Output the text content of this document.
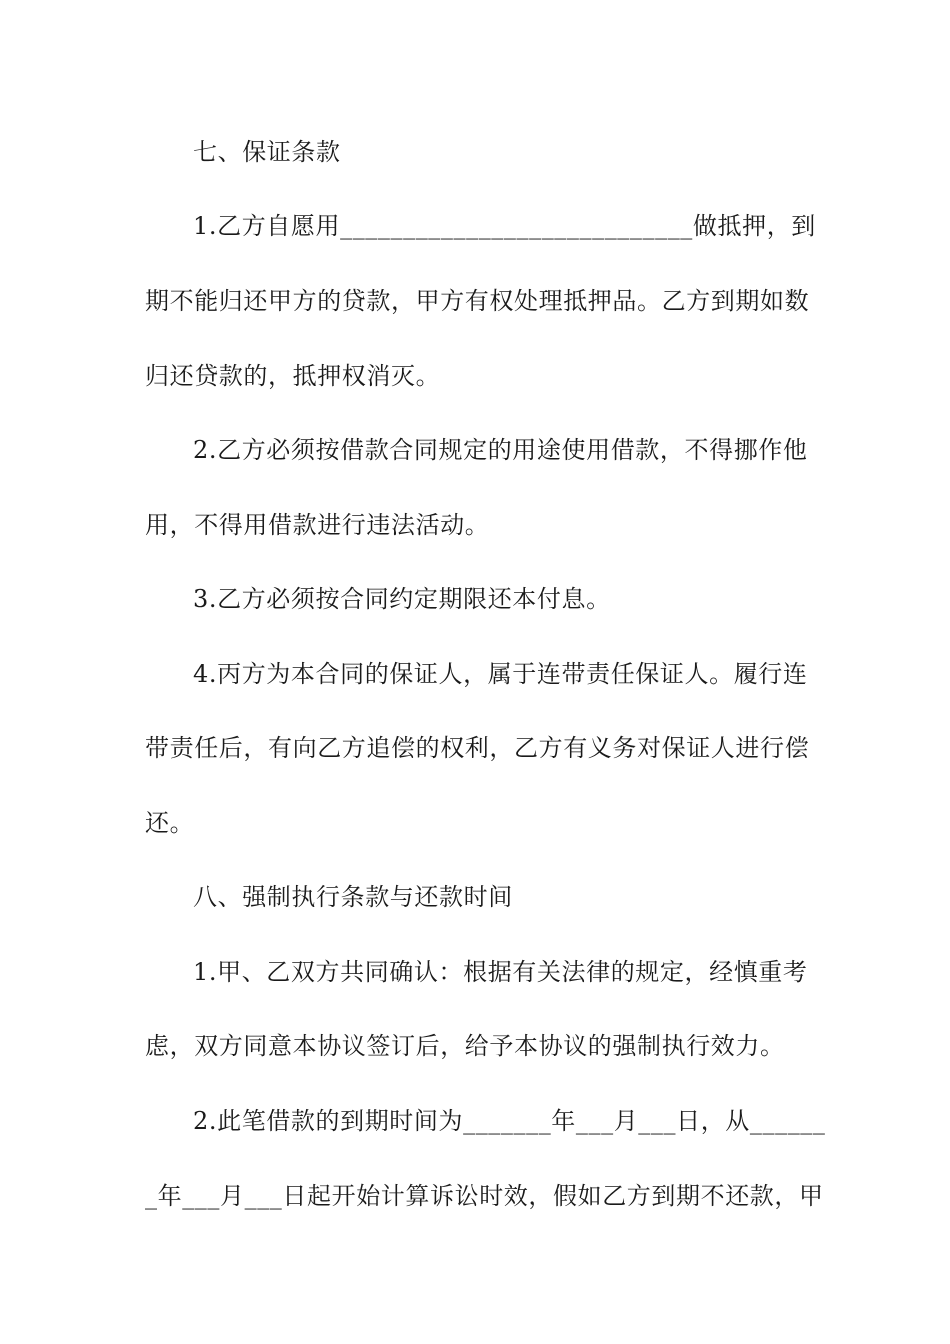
七、保证条款
1.乙方自愿用____________________________做抵押，到
期不能归还甲方的贷款，甲方有权处理抵押品。乙方到期如数
归还贷款的，抵押权消灭。
2.乙方必须按借款合同规定的用途使用借款，不得挪作他
用，不得用借款进行违法活动。
3.乙方必须按合同约定期限还本付息。
4.丙方为本合同的保证人，属于连带责任保证人。履行连
带责任后，有向乙方追偿的权利，乙方有义务对保证人进行偿
还。
八、强制执行条款与还款时间
1.甲、乙双方共同确认：根据有关法律的规定，经慎重考
虑，双方同意本协议签订后，给予本协议的强制执行效力。
2.此笔借款的到期时间为_______年___月___日，从______
_年___月___日起开始计算诉讼时效，假如乙方到期不还款，甲
